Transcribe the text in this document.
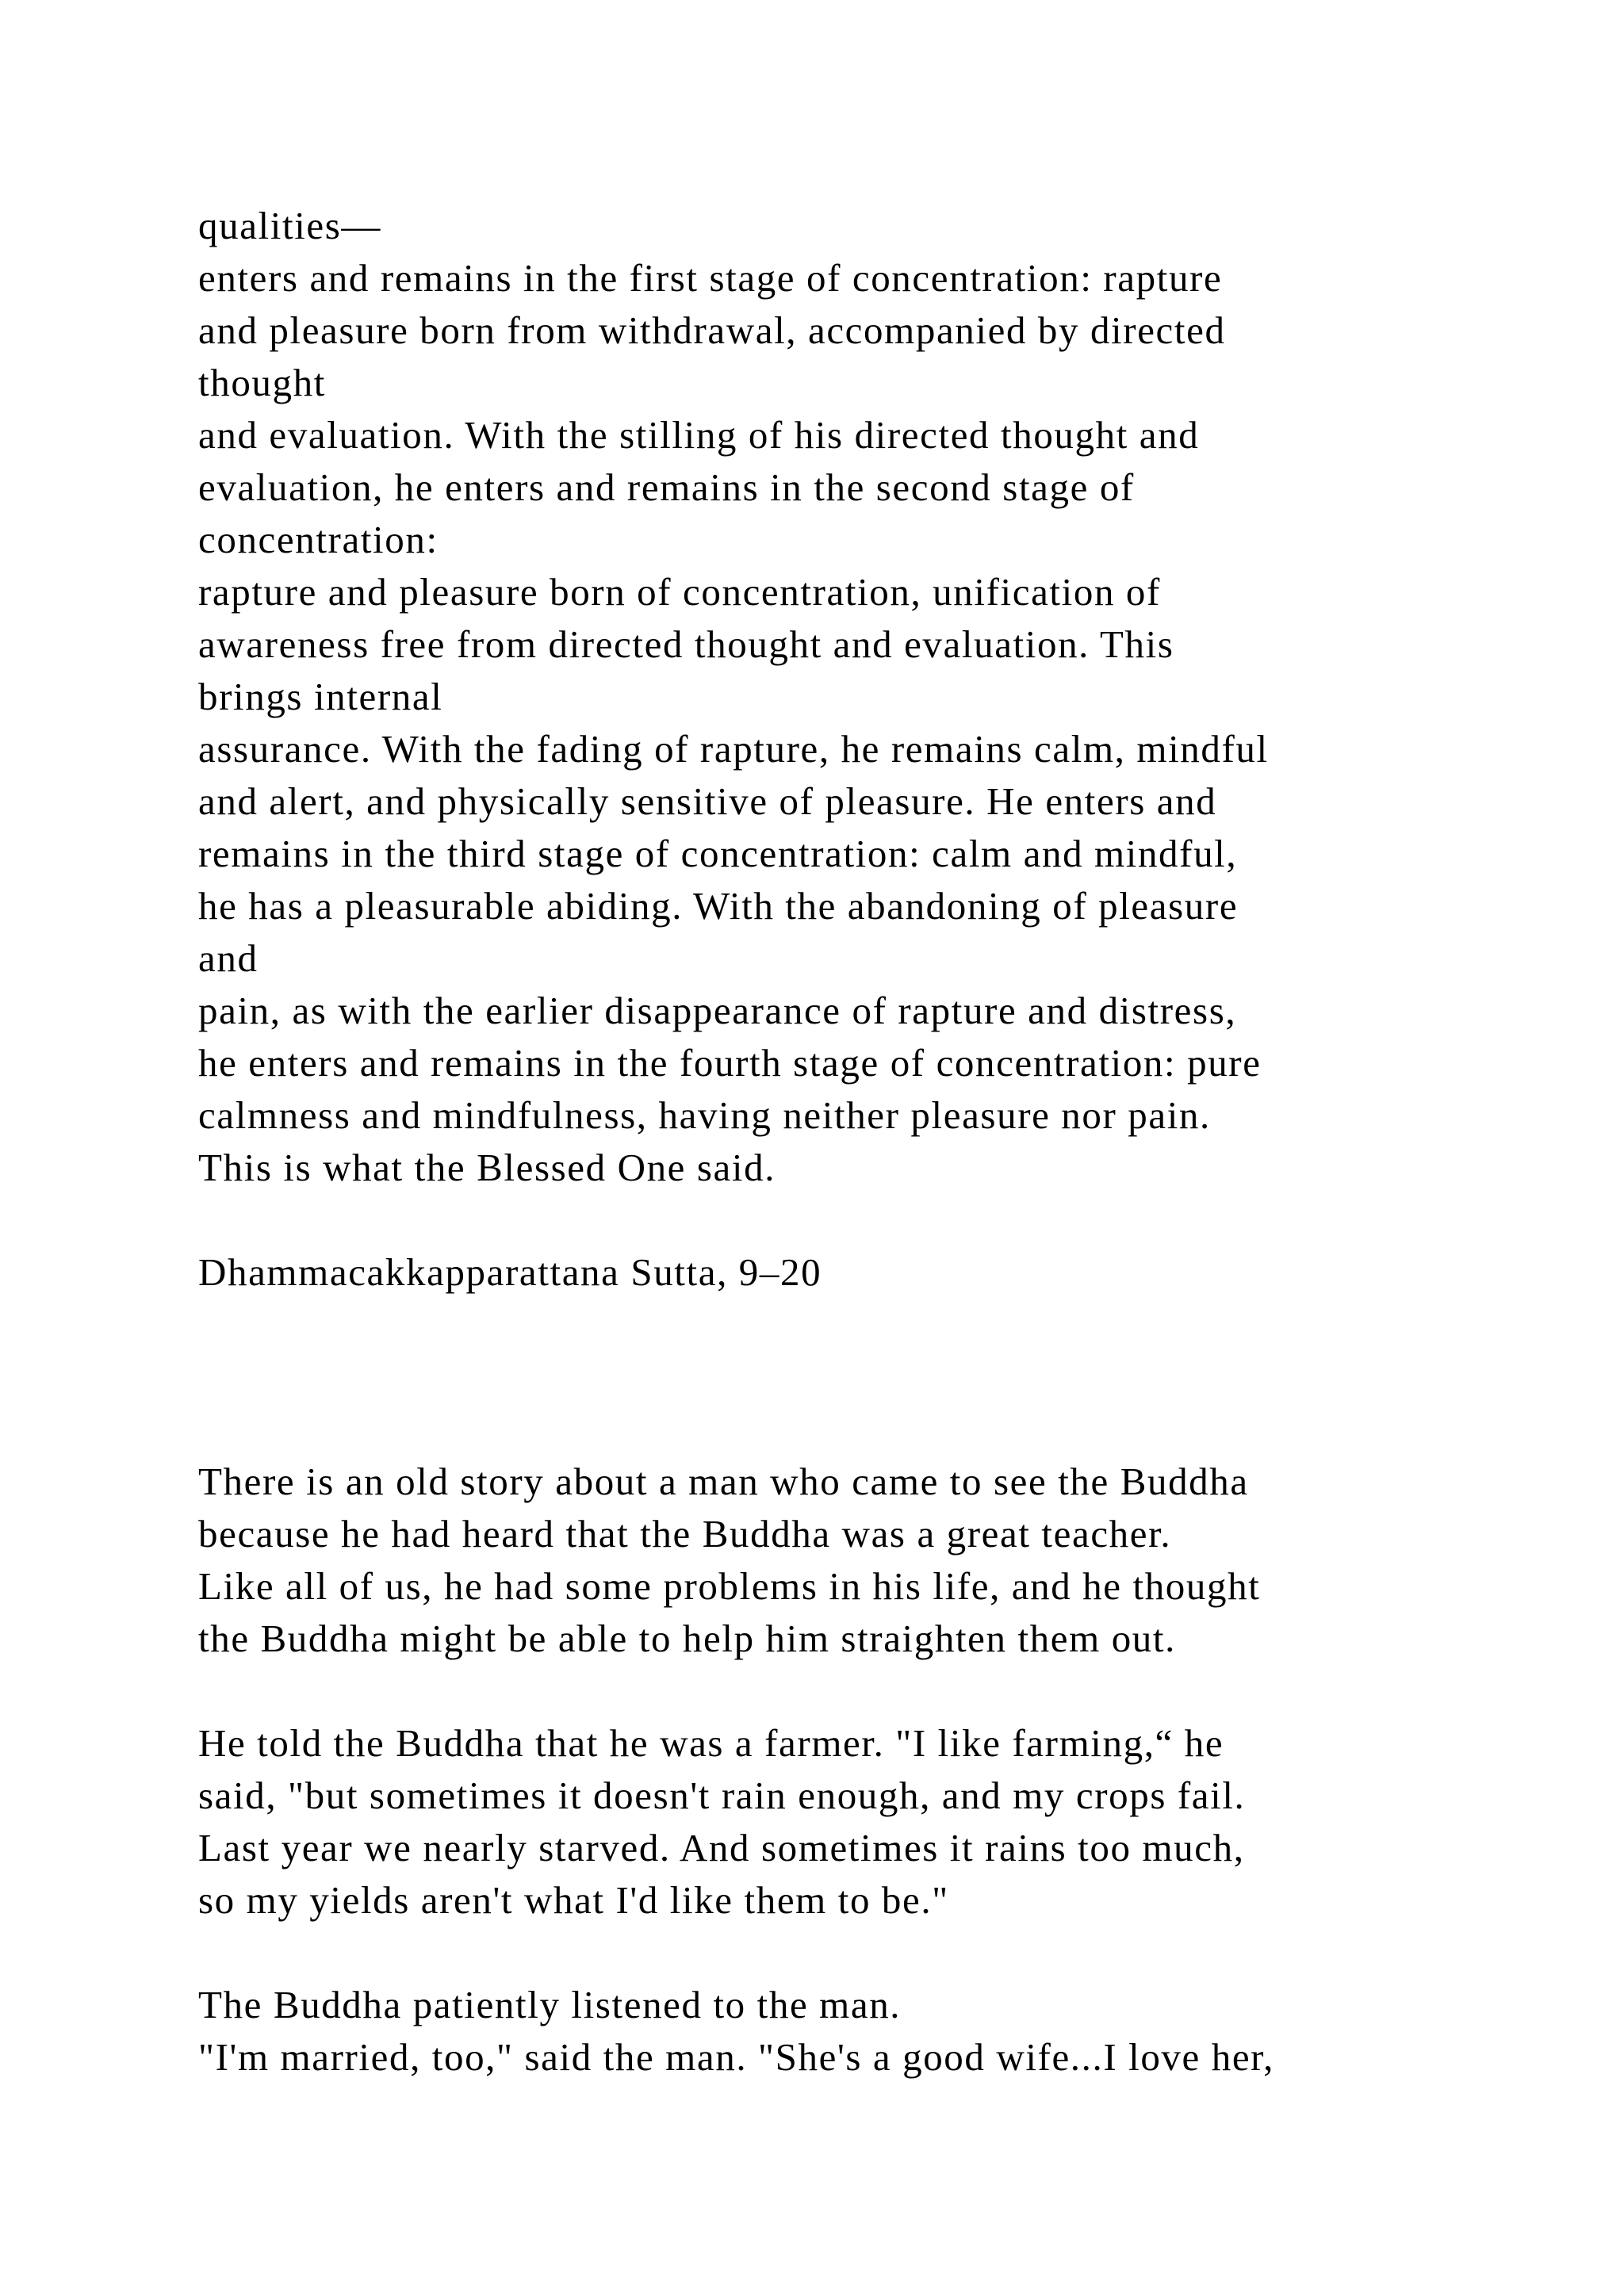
qualities—
enters and remains in the first stage of concentration: rapture
and pleasure born from withdrawal, accompanied by directed
thought
and evaluation. With the stilling of his directed thought and
evaluation, he enters and remains in the second stage of
concentration:
rapture and pleasure born of concentration, unification of
awareness free from directed thought and evaluation. This
brings internal
assurance. With the fading of rapture, he remains calm, mindful
and alert, and physically sensitive of pleasure. He enters and
remains in the third stage of concentration: calm and mindful,
he has a pleasurable abiding. With the abandoning of pleasure
and
pain, as with the earlier disappearance of rapture and distress,
he enters and remains in the fourth stage of concentration: pure
calmness and mindfulness, having neither pleasure nor pain.
This is what the Blessed One said.
Dhammacakkapparattana Sutta, 9–20
There is an old story about a man who came to see the Buddha
because he had heard that the Buddha was a great teacher.
Like all of us, he had some problems in his life, and he thought
the Buddha might be able to help him straighten them out.
He told the Buddha that he was a farmer. "I like farming,“ he
said, "but sometimes it doesn't rain enough, and my crops fail.
Last year we nearly starved. And sometimes it rains too much,
so my yields aren't what I'd like them to be."
The Buddha patiently listened to the man.
"I'm married, too," said the man. "She's a good wife...I love her,
